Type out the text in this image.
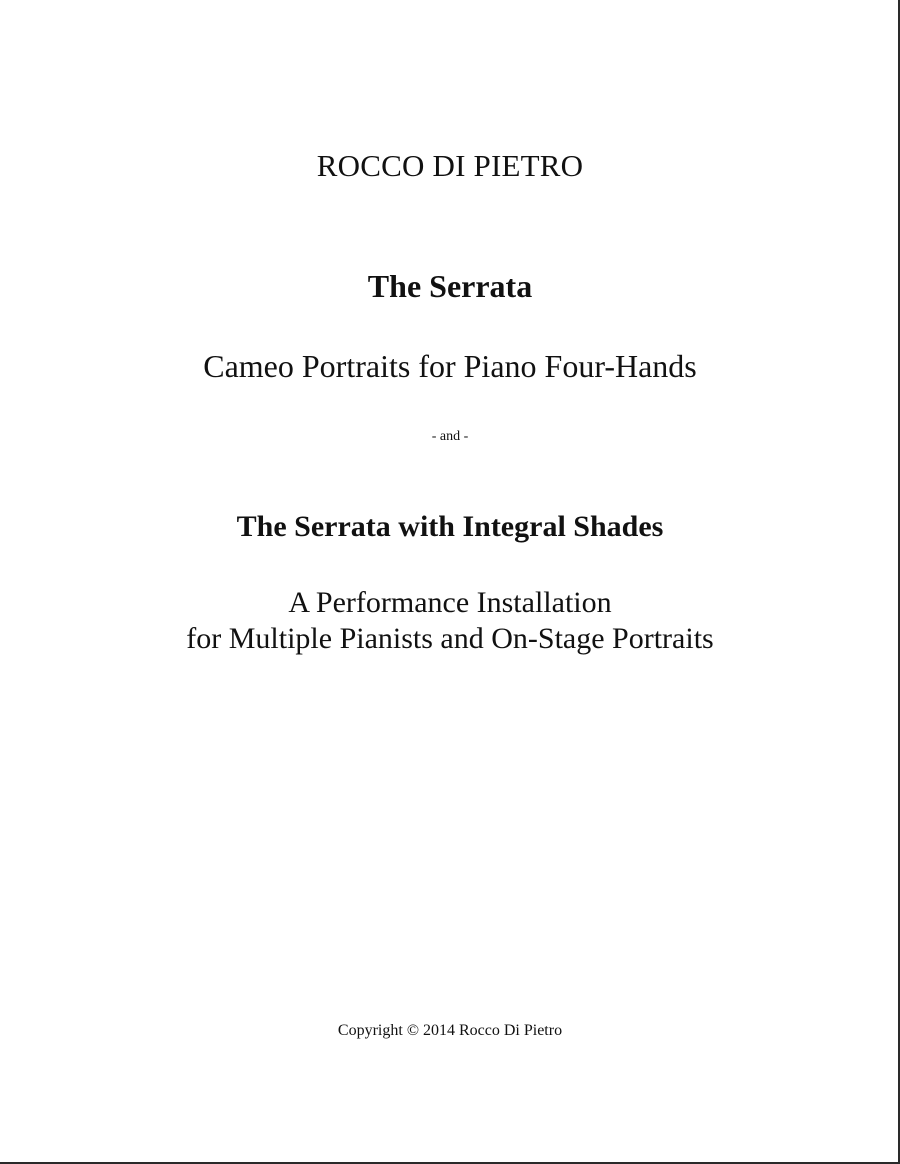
ROCCO DI PIETRO
The Serrata
Cameo Portraits for Piano Four-Hands
- and -
The Serrata with Integral Shades
A Performance Installation
for Multiple Pianists and On-Stage Portraits
Copyright © 2014 Rocco Di Pietro
